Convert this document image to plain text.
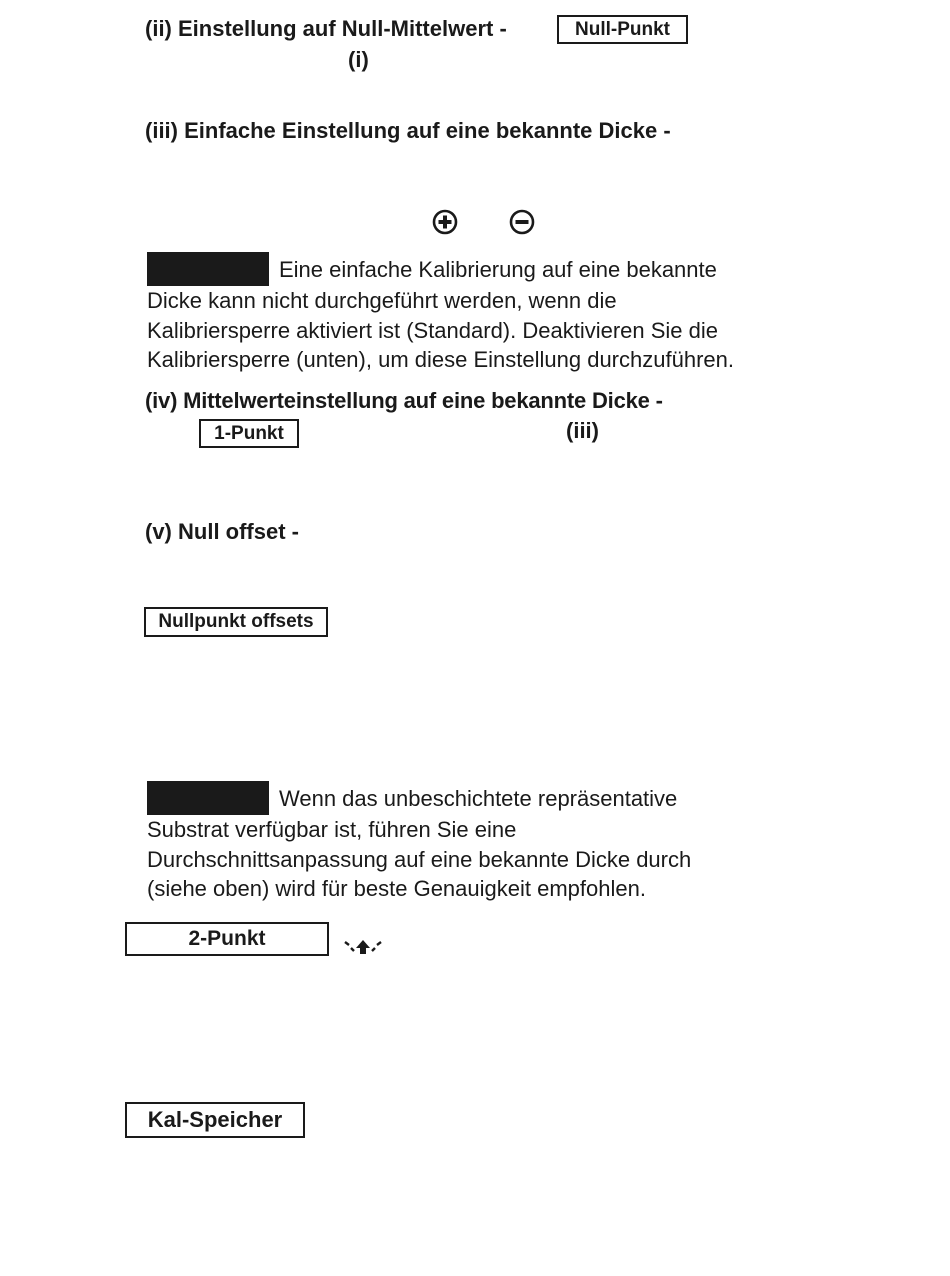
(ii) Einstellung auf Null-Mittelwert -	Null-Punkt
(i)
(iii) Einfache Einstellung auf eine bekannte Dicke -
Eine einfache Kalibrierung auf eine bekannte
Dicke kann nicht durchgeführt werden, wenn die
Kalibriersperre aktiviert ist (Standard). Deaktivieren Sie die
Kalibriersperre (unten), um diese Einstellung durchzuführen.
(iv) Mittelwerteinstellung auf eine bekannte Dicke -
1-Punkt	(iii)
(v) Null offset -
Nullpunkt offsets
Wenn das unbeschichtete repräsentative
Substrat verfügbar ist, führen Sie eine
Durchschnittsanpassung auf eine bekannte Dicke durch
(siehe oben) wird für beste Genauigkeit empfohlen.
2-Punkt
Kal-Speicher
